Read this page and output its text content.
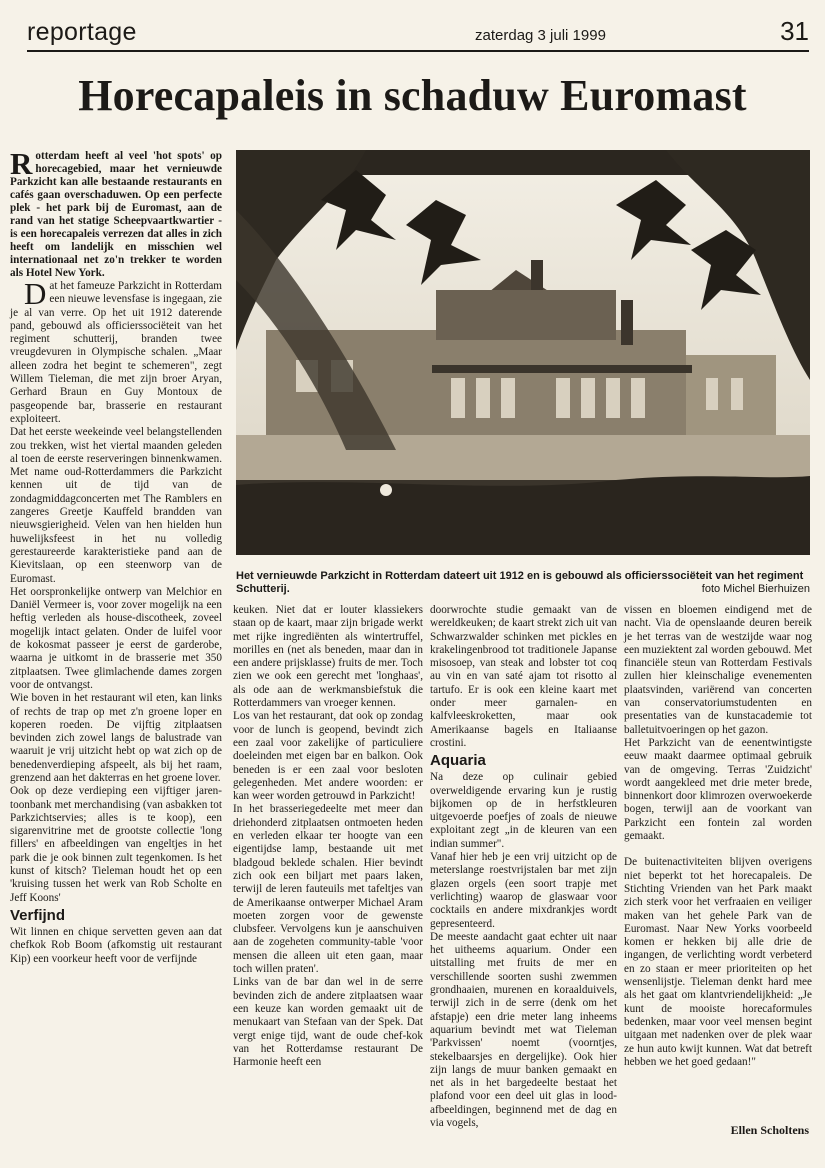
reportage	zaterdag 3 juli 1999	31
Horecapaleis in schaduw Euromast

Rotterdam heeft al veel 'hot spots' op horecagebied, maar het vernieuwde Parkzicht kan alle bestaande restaurants en cafés gaan overschaduwen. Op een perfecte plek - het park bij de Euromast, aan de rand van het statige Scheepvaartkwartier - is een horecapaleis verrezen dat alles in zich heeft om landelijk en misschien wel internationaal net zo'n trekker te worden als Hotel New York.

Dat het fameuze Parkzicht in Rotterdam een nieuwe levensfase is ingegaan, zie je al van verre. Op het uit 1912 daterende pand, gebouwd als officierssociëteit van het regiment schutterij, branden twee vreugdevuren in Olympische schalen. „Maar alleen zodra het begint te schemeren", zegt Willem Tieleman, die met zijn broer Aryan, Gerhard Braun en Guy Montoux de pasgeopende bar, brasserie en restaurant exploiteert.

Dat het eerste weekeinde veel belangstellenden zou trekken, wist het viertal maanden geleden al toen de eerste reserveringen binnenkwamen. Met name oud-Rotterdammers die Parkzicht kennen uit de tijd van de zondagmiddagconcerten met The Ramblers en zangeres Greetje Kauffeld brandden van nieuwsgierigheid. Velen van hen hielden hun huwelijksfeest in het nu volledig gerestaureerde karakteristieke pand aan de Kievitslaan, op een steenworp van de Euromast.

Het oorspronkelijke ontwerp van Melchior en Daniël Vermeer is, voor zover mogelijk na een heftig verleden als house-discotheek, zoveel mogelijk intact gelaten. Onder de luifel voor de kokosmat passeer je eerst de garderobe, waarna je uitkomt in de brasserie met 350 zitplaatsen. Twee glimlachende dames zorgen voor de ontvangst.

Wie boven in het restaurant wil eten, kan links of rechts de trap op met z'n groene loper en koperen roeden. De vijftig zitplaatsen bevinden zich zowel langs de balustrade van waaruit je vrij uitzicht hebt op wat zich op de benedenverdieping afspeelt, als bij het raam, grenzend aan het dakterras en het groene lover.

Ook op deze verdieping een vijftiger jaren-toonbank met merchandising (van asbakken tot Parkzichtservies; alles is te koop), een sigarenvitrine met de grootste collectie 'long fillers' en afbeeldingen van engeltjes in het park die je ook binnen zult tegenkomen. Is het kunst of kitsch? Tieleman houdt het op een 'kruising tussen het werk van Rob Scholte en Jeff Koons'

Verfijnd

Wit linnen en chique servetten geven aan dat chefkok Rob Boom (afkomstig uit restaurant Kip) een voorkeur heeft voor de verfijnde

Het vernieuwde Parkzicht in Rotterdam dateert uit 1912 en is gebouwd als officierssociëteit van het regiment Schutterij.	foto Michel Bierhuizen

keuken. Niet dat er louter klassiekers staan op de kaart, maar zijn brigade werkt met rijke ingrediënten als wintertruffel, morilles en (net als beneden, maar dan in een andere prijsklasse) fruits de mer. Toch zien we ook een gerecht met 'longhaas', als ode aan de werkmansbiefstuk die Rotterdammers van vroeger kennen.

Los van het restaurant, dat ook op zondag voor de lunch is geopend, bevindt zich een zaal voor zakelijke of particuliere doeleinden met eigen bar en balkon. Ook beneden is er een zaal voor besloten gelegenheden. Met andere woorden: er kan weer worden getrouwd in Parkzicht!

In het brasseriegedeelte met meer dan driehonderd zitplaatsen ontmoeten heden en verleden elkaar ter hoogte van een eigentijdse lamp, bestaande uit met bladgoud beklede schalen. Hier bevindt zich ook een biljart met paars laken, terwijl de leren fauteuils met tafeltjes van de Amerikaanse ontwerper Michael Aram moeten zorgen voor de gewenste clubsfeer. Vervolgens kun je aanschuiven aan de zogeheten community-table 'voor mensen die alleen uit eten gaan, maar toch willen praten'.

Links van de bar dan wel in de serre bevinden zich de andere zitplaatsen waar een keuze kan worden gemaakt uit de menukaart van Stefaan van der Spek. Dat vergt enige tijd, want de oude chef-kok van het Rotterdamse restaurant De Harmonie heeft een

doorwrochte studie gemaakt van de wereldkeuken; de kaart strekt zich uit van Schwarzwalder schinken met pickles en krakelingenbrood tot traditionele Japanse misosoep, van steak and lobster tot coq au vin en van saté ajam tot risotto al tartufo. Er is ook een kleine kaart met onder meer garnalen- en kalfvleeskroketten, maar ook Amerikaanse bagels en Italiaanse crostini.

Aquaria

Na deze op culinair gebied overweldigende ervaring kun je rustig bijkomen op de in herfstkleuren uitgevoerde poefjes of zoals de nieuwe exploitant zegt „in de kleuren van een indian summer".

Vanaf hier heb je een vrij uitzicht op de meterslange roestvrijstalen bar met zijn glazen orgels (een soort trapje met verlichting) waarop de glaswaar voor cocktails en andere mixdrankjes wordt gepresenteerd.

De meeste aandacht gaat echter uit naar het uitheems aquarium. Onder een uitstalling met fruits de mer en verschillende soorten sushi zwemmen grondhaaien, murenen en koraalduivels, terwijl zich in de serre (denk om het afstapje) een drie meter lang inheems aquarium bevindt met wat Tieleman 'Parkvissen' noemt (voorntjes, stekelbaarsjes en dergelijke). Ook hier zijn langs de muur banken gemaakt en net als in het bargedeelte bestaat het plafond voor een deel uit glas in lood-afbeeldingen, beginnend met de dag en via vogels,

vissen en bloemen eindigend met de nacht. Via de openslaande deuren bereik je het terras van de westzijde waar nog een muziektent zal worden gebouwd. Met financiële steun van Rotterdam Festivals zullen hier kleinschalige evenementen plaatsvinden, variërend van concerten van conservatoriumstudenten en presentaties van de kunstacademie tot balletuitvoeringen op het gazon.

Het Parkzicht van de eenentwintigste eeuw maakt daarmee optimaal gebruik van de omgeving. Terras 'Zuidzicht' wordt aangekleed met drie meter brede, binnenkort door klimrozen overwoekerde bogen, terwijl aan de voorkant van Parkzicht een fontein zal worden gemaakt.

De buitenactiviteiten blijven overigens niet beperkt tot het horecapaleis. De Stichting Vrienden van het Park maakt zich sterk voor het verfraaien en veiliger maken van het gehele Park van de Euromast. Naar New Yorks voorbeeld komen er hekken bij alle drie de ingangen, de verlichting wordt verbeterd en zo staan er meer prioriteiten op het wensenlijstje. Tieleman denkt hard mee als het gaat om klantvriendelijkheid: „Je kunt de mooiste horecaformules bedenken, maar voor veel mensen begint uitgaan met nadenken over de plek waar ze hun auto kwijt kunnen. Wat dat betreft hebben we het goed gedaan!"

Ellen Scholtens
